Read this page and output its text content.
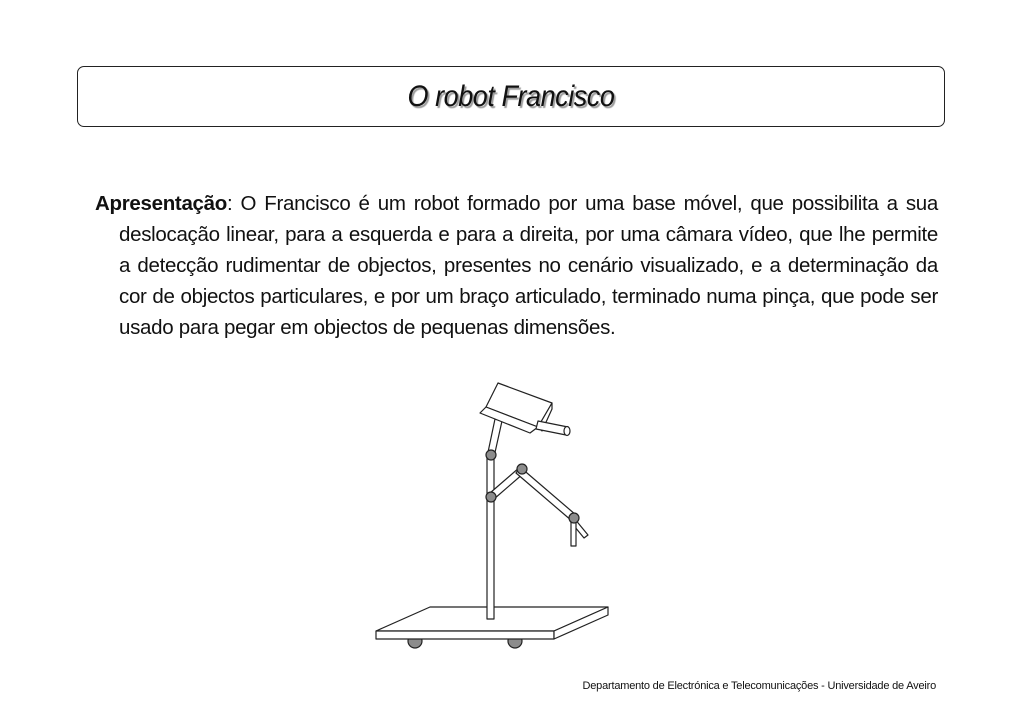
O robot Francisco
Apresentação: O Francisco é um robot formado por uma base móvel, que possibilita a sua deslocação linear, para a esquerda e para a direita, por uma câmara vídeo, que lhe permite a detecção rudimentar de objectos, presentes no cenário visualizado, e a determinação da cor de objectos particulares, e por um braço articulado, terminado numa pinça, que pode ser usado para pegar em objectos de pequenas dimensões.
Departamento de Electrónica e Telecomunicações - Universidade de Aveiro
